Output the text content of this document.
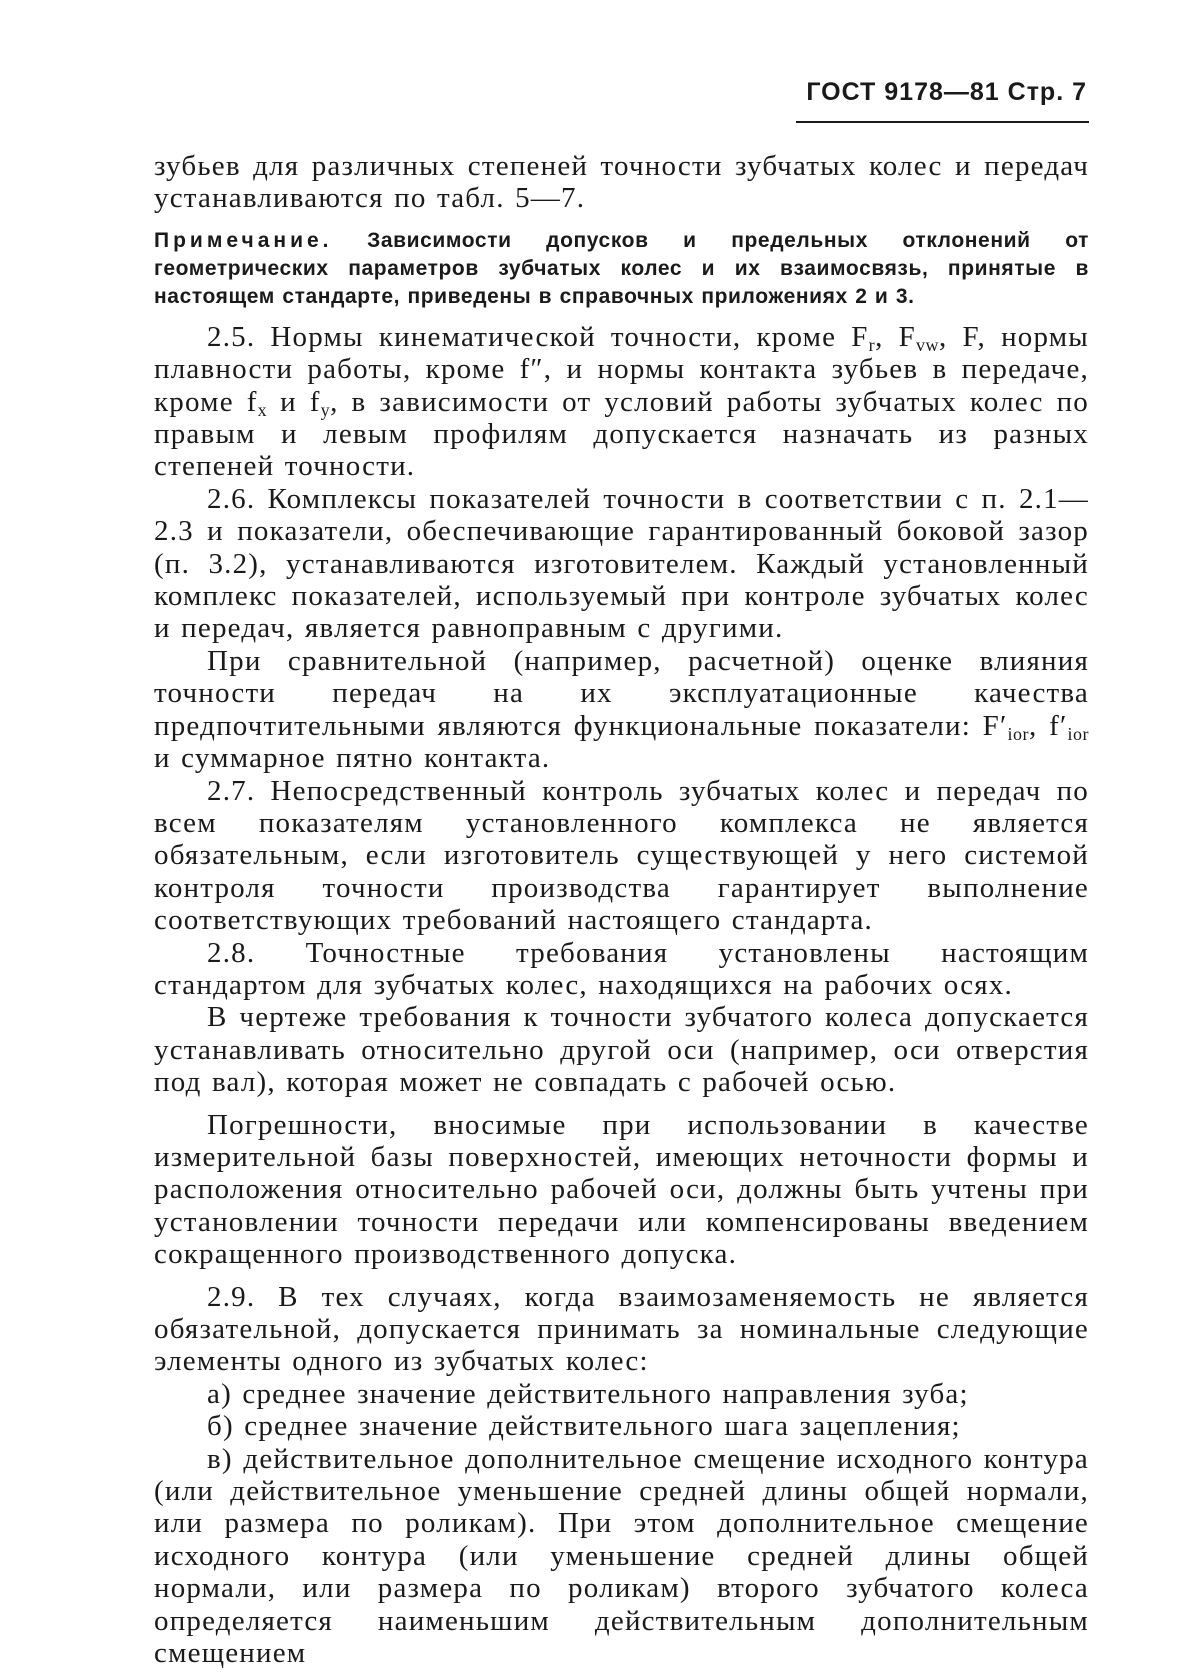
ГОСТ 9178—81 Стр. 7

зубьев для различных степеней точности зубчатых колес и передач устанавливаются по табл. 5—7.

Примечание. Зависимости допусков и предельных отклонений от геометрических параметров зубчатых колес и их взаимосвязь, принятые в настоящем стандарте, приведены в справочных приложениях 2 и 3.

2.5. Нормы кинематической точности, кроме $F_r$, $F_{vw}$, F, нормы плавности работы, кроме f″, и нормы контакта зубьев в передаче, кроме $f_x$ и $f_y$, в зависимости от условий работы зубчатых колес по правым и левым профилям допускается назначать из разных степеней точности.

2.6. Комплексы показателей точности в соответствии с п. 2.1—2.3 и показатели, обеспечивающие гарантированный боковой зазор (п. 3.2), устанавливаются изготовителем. Каждый установленный комплекс показателей, используемый при контроле зубчатых колес и передач, является равноправным с другими.

При сравнительной (например, расчетной) оценке влияния точности передач на их эксплуатационные качества предпочтительными являются функциональные показатели: $F'_{ior}$, $f'_{ior}$ и суммарное пятно контакта.

2.7. Непосредственный контроль зубчатых колес и передач по всем показателям установленного комплекса не является обязательным, если изготовитель существующей у него системой контроля точности производства гарантирует выполнение соответствующих требований настоящего стандарта.

2.8. Точностные требования установлены настоящим стандартом для зубчатых колес, находящихся на рабочих осях.

В чертеже требования к точности зубчатого колеса допускается устанавливать относительно другой оси (например, оси отверстия под вал), которая может не совпадать с рабочей осью.

Погрешности, вносимые при использовании в качестве измерительной базы поверхностей, имеющих неточности формы и расположения относительно рабочей оси, должны быть учтены при установлении точности передачи или компенсированы введением сокращенного производственного допуска.

2.9. В тех случаях, когда взаимозаменяемость не является обязательной, допускается принимать за номинальные следующие элементы одного из зубчатых колес:

а) среднее значение действительного направления зуба;

б) среднее значение действительного шага зацепления;

в) действительное дополнительное смещение исходного контура (или действительное уменьшение средней длины общей нормали, или размера по роликам). При этом дополнительное смещение исходного контура (или уменьшение средней длины общей нормали, или размера по роликам) второго зубчатого колеса определяется наименьшим действительным дополнительным смещением
